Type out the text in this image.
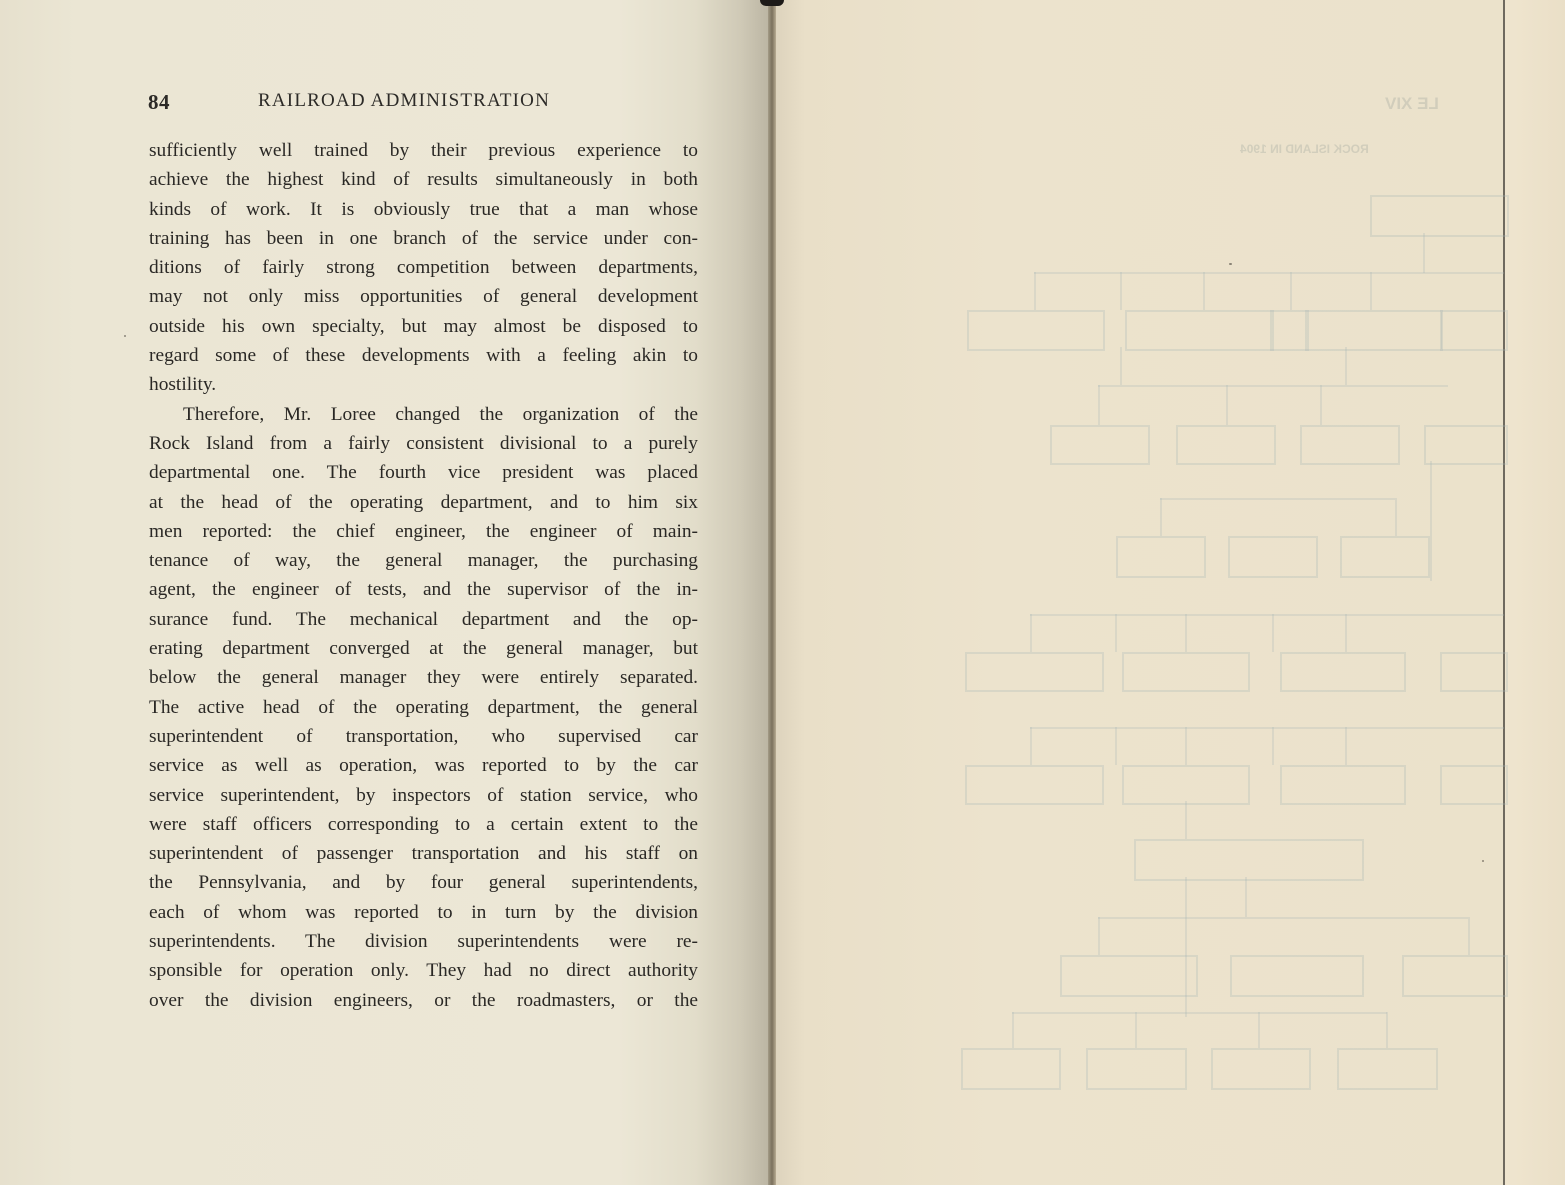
84	RAILROAD ADMINISTRATION
sufficiently well trained by their previous experience to
achieve the highest kind of results simultaneously in both
kinds of work. It is obviously true that a man whose
training has been in one branch of the service under con-
ditions of fairly strong competition between departments,
may not only miss opportunities of general development
outside his own specialty, but may almost be disposed to
regard some of these developments with a feeling akin to
hostility.
Therefore, Mr. Loree changed the organization of the
Rock Island from a fairly consistent divisional to a purely
departmental one. The fourth vice president was placed
at the head of the operating department, and to him six
men reported: the chief engineer, the engineer of main-
tenance of way, the general manager, the purchasing
agent, the engineer of tests, and the supervisor of the in-
surance fund. The mechanical department and the op-
erating department converged at the general manager, but
below the general manager they were entirely separated.
The active head of the operating department, the general
superintendent of transportation, who supervised car
service as well as operation, was reported to by the car
service superintendent, by inspectors of station service, who
were staff officers corresponding to a certain extent to the
superintendent of passenger transportation and his staff on
the Pennsylvania, and by four general superintendents,
each of whom was reported to in turn by the division
superintendents. The division superintendents were re-
sponsible for operation only. They had no direct authority
over the division engineers, or the roadmasters, or the
LE XIV
ROCK ISLAND IN 1904
